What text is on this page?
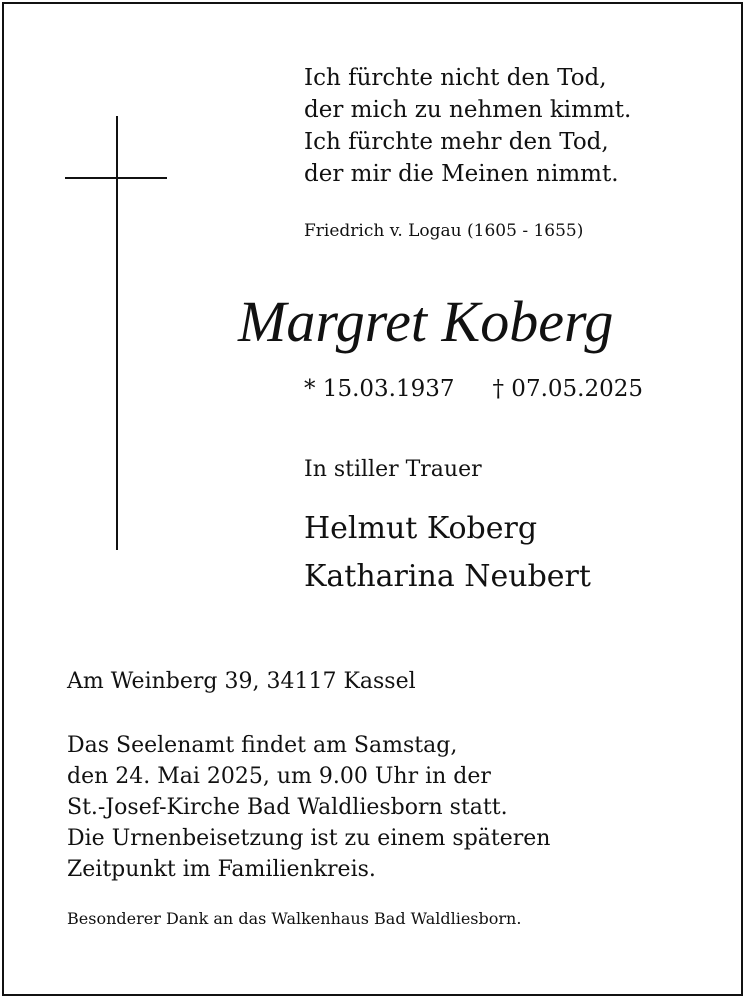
Ich fürchte nicht den Tod,
der mich zu nehmen kimmt.
Ich fürchte mehr den Tod,
der mir die Meinen nimmt.
Friedrich v. Logau (1605 - 1655)
Margret Koberg
* 15.03.1937 † 07.05.2025
In stiller Trauer
Helmut Koberg
Katharina Neubert
Am Weinberg 39, 34117 Kassel
Das Seelenamt findet am Samstag,
den 24. Mai 2025, um 9.00 Uhr in der
St.-Josef-Kirche Bad Waldliesborn statt.
Die Urnenbeisetzung ist zu einem späteren
Zeitpunkt im Familienkreis.
Besonderer Dank an das Walkenhaus Bad Waldliesborn.
